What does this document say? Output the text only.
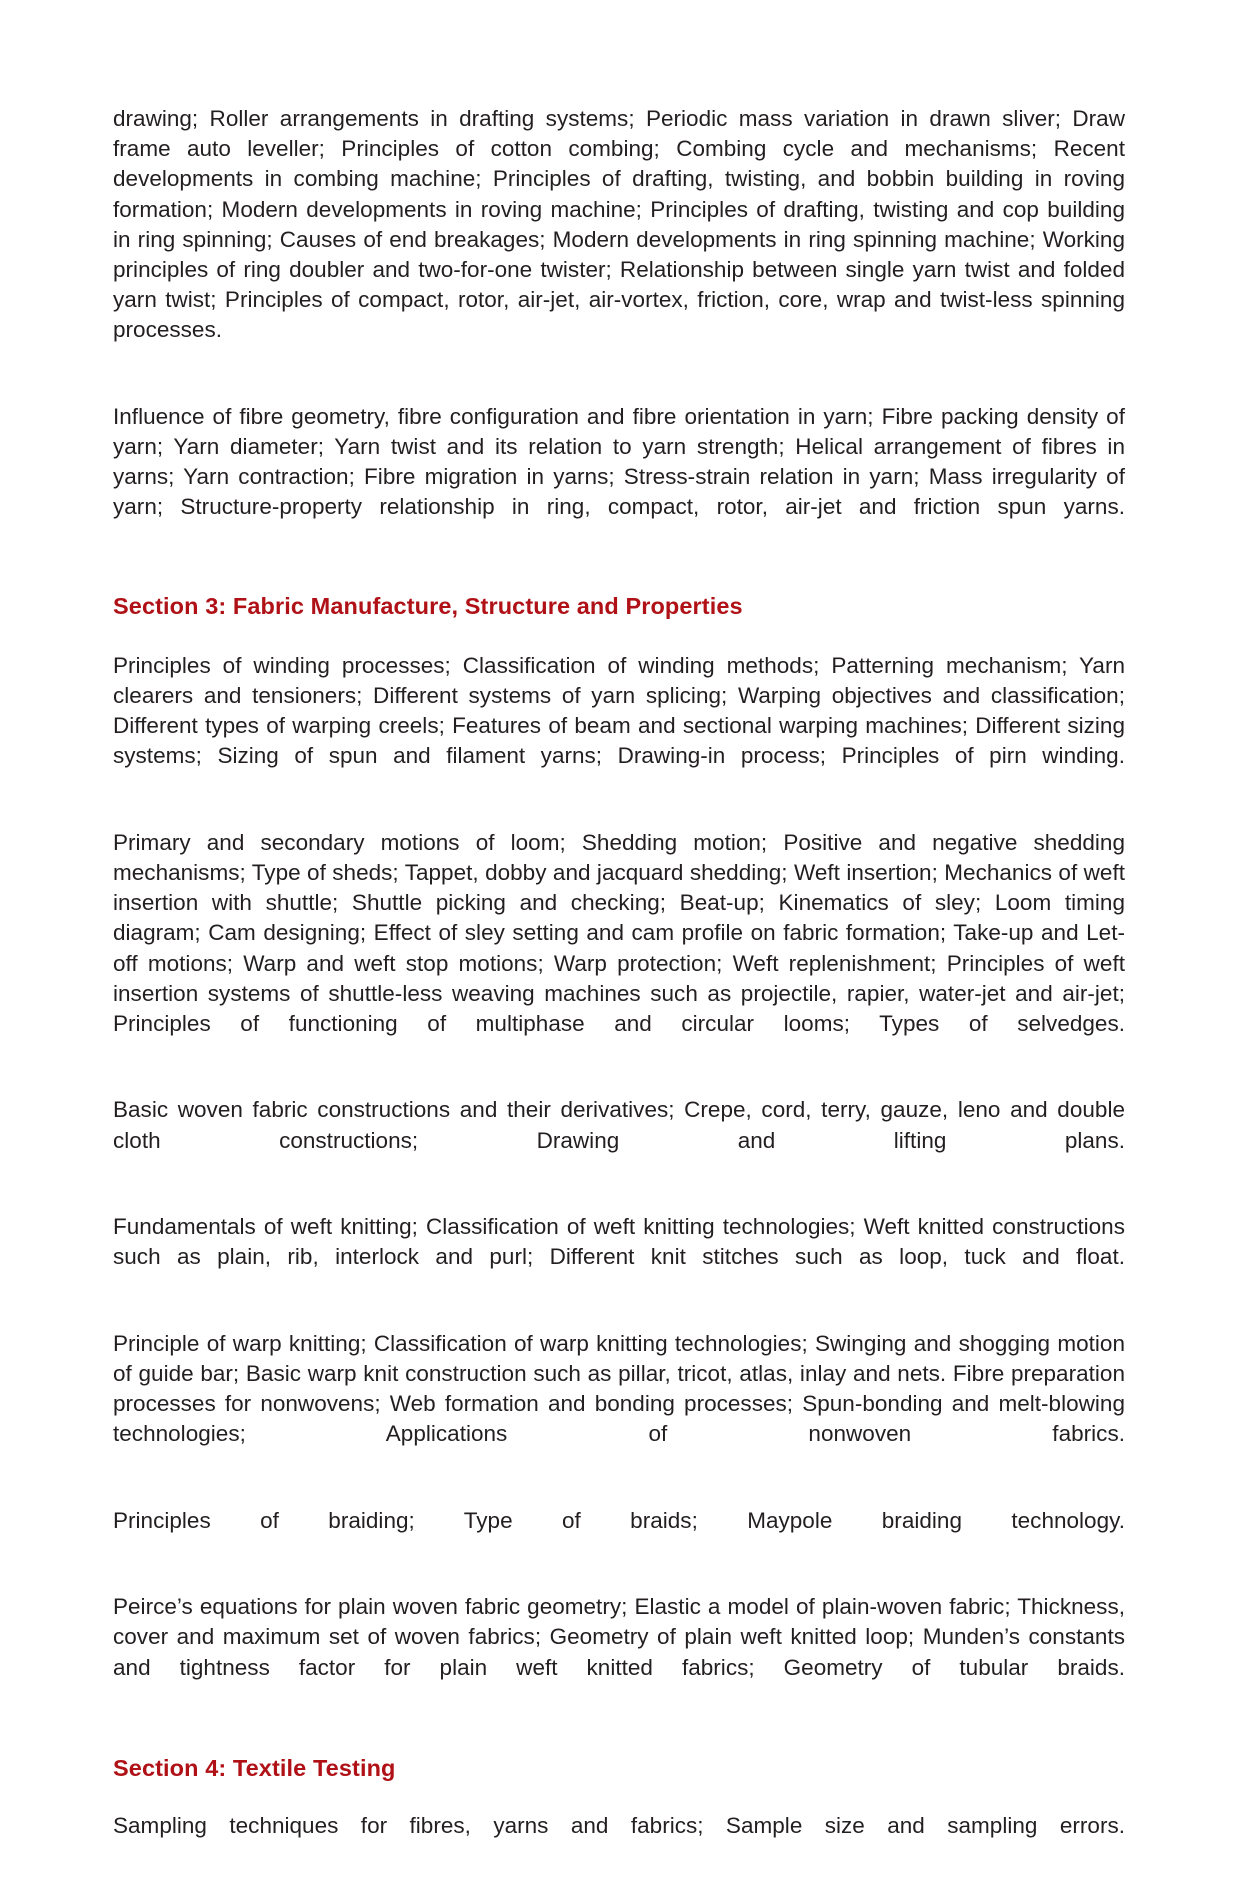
drawing; Roller arrangements in drafting systems; Periodic mass variation in drawn sliver; Draw frame auto leveller; Principles of cotton combing; Combing cycle and mechanisms; Recent developments in combing machine; Principles of drafting, twisting, and bobbin building in roving formation; Modern developments in roving machine; Principles of drafting, twisting and cop building in ring spinning; Causes of end breakages; Modern developments in ring spinning machine; Working principles of ring doubler and two-for-one twister; Relationship between single yarn twist and folded yarn twist; Principles of compact, rotor, air-jet, air-vortex, friction, core, wrap and twist-less spinning processes.

Influence of fibre geometry, fibre configuration and fibre orientation in yarn; Fibre packing density of yarn; Yarn diameter; Yarn twist and its relation to yarn strength; Helical arrangement of fibres in yarns; Yarn contraction; Fibre migration in yarns; Stress-strain relation in yarn; Mass irregularity of yarn; Structure-property relationship in ring, compact, rotor, air-jet and friction spun yarns.

Section 3: Fabric Manufacture, Structure and Properties

Principles of winding processes; Classification of winding methods; Patterning mechanism; Yarn clearers and tensioners; Different systems of yarn splicing; Warping objectives and classification; Different types of warping creels; Features of beam and sectional warping machines; Different sizing systems; Sizing of spun and filament yarns; Drawing-in process; Principles of pirn winding.

Primary and secondary motions of loom; Shedding motion; Positive and negative shedding mechanisms; Type of sheds; Tappet, dobby and jacquard shedding; Weft insertion; Mechanics of weft insertion with shuttle; Shuttle picking and checking; Beat-up; Kinematics of sley; Loom timing diagram; Cam designing; Effect of sley setting and cam profile on fabric formation; Take-up and Let-off motions; Warp and weft stop motions; Warp protection; Weft replenishment; Principles of weft insertion systems of shuttle-less weaving machines such as projectile, rapier, water-jet and air-jet; Principles of functioning of multiphase and circular looms; Types of selvedges.

Basic woven fabric constructions and their derivatives; Crepe, cord, terry, gauze, leno and double cloth constructions; Drawing and lifting plans.

Fundamentals of weft knitting; Classification of weft knitting technologies; Weft knitted constructions such as plain, rib, interlock and purl; Different knit stitches such as loop, tuck and float.

Principle of warp knitting; Classification of warp knitting technologies; Swinging and shogging motion of guide bar; Basic warp knit construction such as pillar, tricot, atlas, inlay and nets. Fibre preparation processes for nonwovens; Web formation and bonding processes; Spun-bonding and melt-blowing technologies; Applications of nonwoven fabrics.

Principles of braiding; Type of braids; Maypole braiding technology.

Peirce’s equations for plain woven fabric geometry; Elastic a model of plain-woven fabric; Thickness, cover and maximum set of woven fabrics; Geometry of plain weft knitted loop; Munden’s constants and tightness factor for plain weft knitted fabrics; Geometry of tubular braids.

Section 4: Textile Testing

Sampling techniques for fibres, yarns and fabrics; Sample size and sampling errors.
